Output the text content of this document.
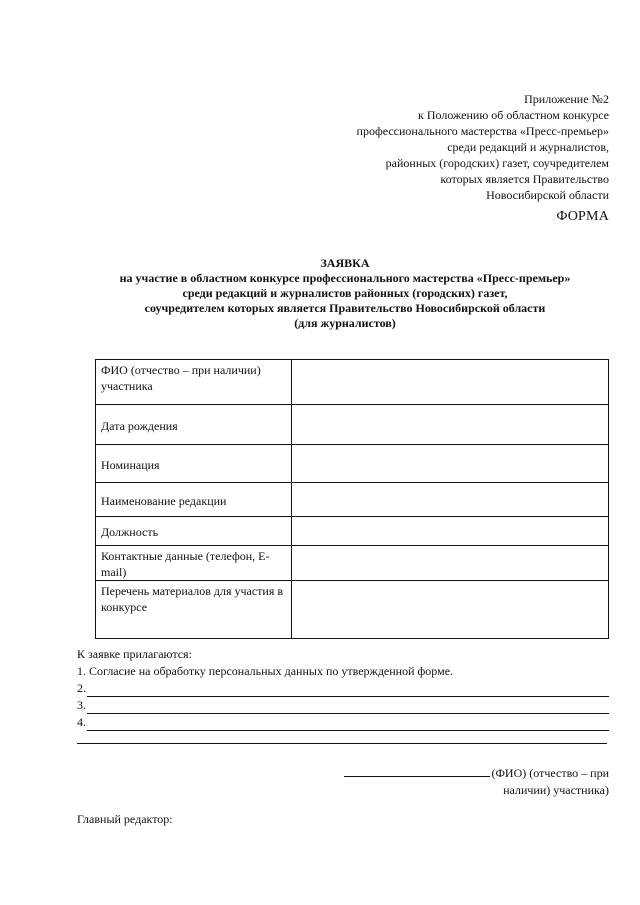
Приложение №2
к Положению об областном конкурсе
профессионального мастерства «Пресс-премьер»
среди редакций и журналистов,
районных (городских) газет, соучредителем
которых является Правительство
Новосибирской области
ФОРМА
ЗАЯВКА
на участие в областном конкурсе профессионального мастерства «Пресс-премьер»
среди редакций и журналистов районных (городских) газет,
соучредителем которых является Правительство Новосибирской области
(для журналистов)
ФИО (отчество – при наличии) участника	
Дата рождения	
Номинация	
Наименование редакции	
Должность	
Контактные данные (телефон, E-mail)	
Перечень материалов для участия в конкурсе	
К заявке прилагаются:
1. Согласие на обработку персональных данных по утвержденной форме.
2.
3.
4.
(ФИО) (отчество – при
наличии) участника)
Главный редактор:
